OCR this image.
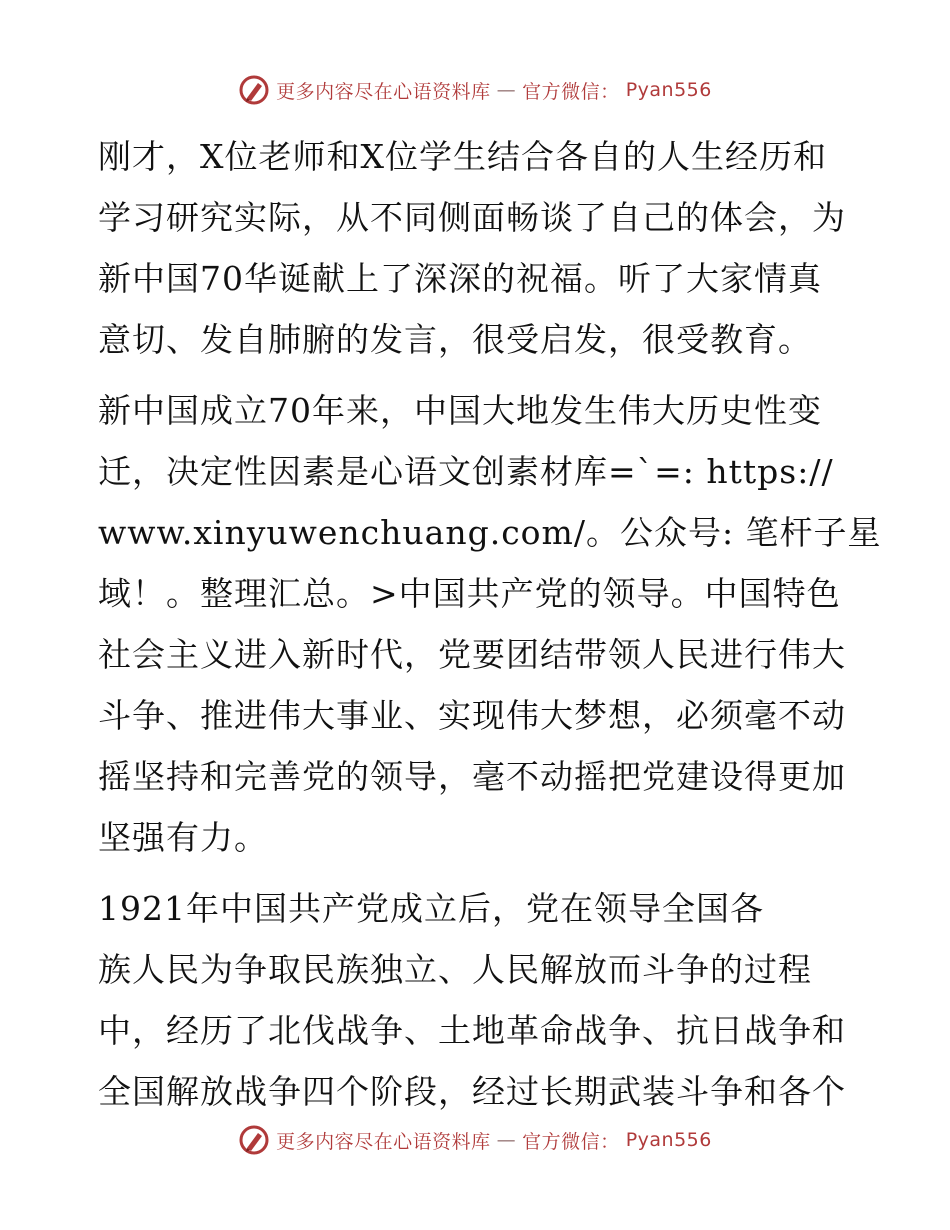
更多内容尽在心语资料库 — 官方微信： Pyan556

刚才，X位老师和X位学生结合各自的人生经历和
学习研究实际，从不同侧面畅谈了自己的体会，为
新中国70华诞献上了深深的祝福。听了大家情真
意切、发自肺腑的发言，很受启发，很受教育。

新中国成立70年来，中国大地发生伟大历史性变
迁，决定性因素是心语文创素材库=`=: https://
www.xinyuwenchuang.com/。公众号: 笔杆子星
域！。整理汇总。>中国共产党的领导。中国特色
社会主义进入新时代，党要团结带领人民进行伟大
斗争、推进伟大事业、实现伟大梦想，必须毫不动
摇坚持和完善党的领导，毫不动摇把党建设得更加
坚强有力。

1921年中国共产党成立后，党在领导全国各
族人民为争取民族独立、人民解放而斗争的过程
中，经历了北伐战争、土地革命战争、抗日战争和
全国解放战争四个阶段，经过长期武装斗争和各个

更多内容尽在心语资料库 — 官方微信： Pyan556
